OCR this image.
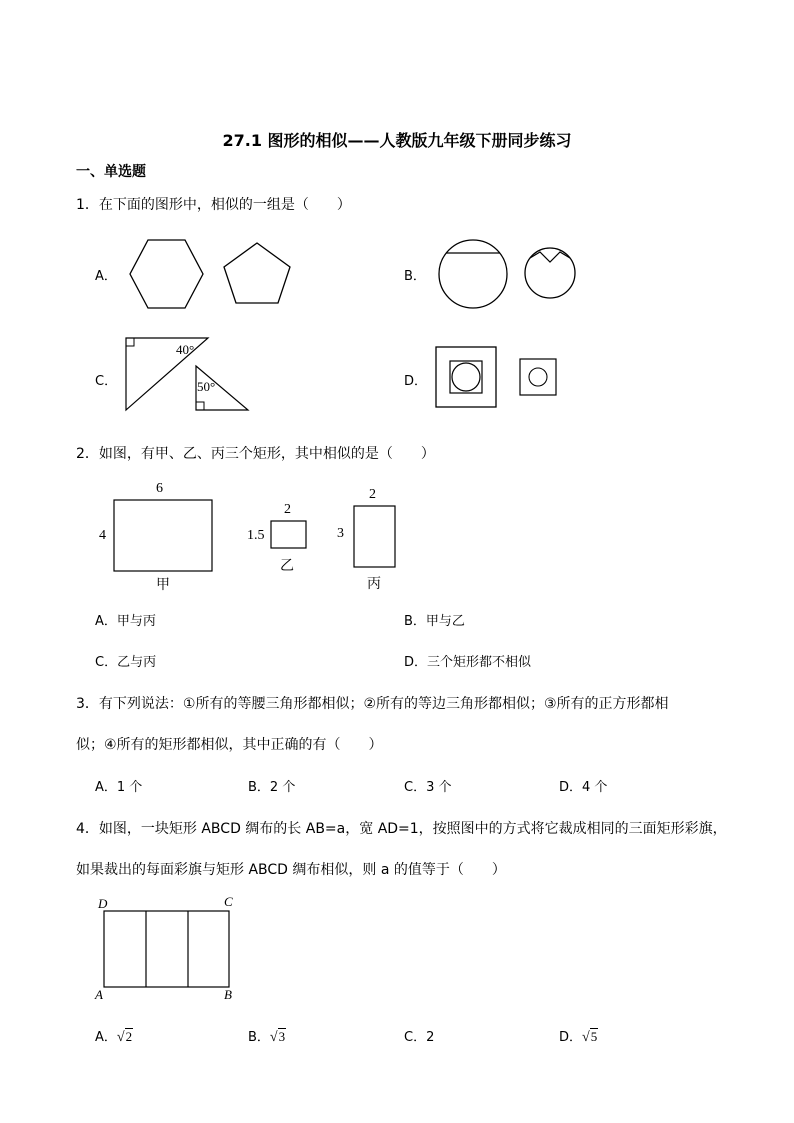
27.1 图形的相似——人教版九年级下册同步练习
一、单选题
1．在下面的图形中，相似的一组是（　　）
A．	B．
C．
40°
50°	D．
2．如图，有甲、乙、丙三个矩形，其中相似的是（　　）
6
4
甲
2
1.5
乙
2
3
丙
A．甲与丙	B．甲与乙
C．乙与丙	D．三个矩形都不相似
3．有下列说法：①所有的等腰三角形都相似；②所有的等边三角形都相似；③所有的正方形都相
似；④所有的矩形都相似，其中正确的有（　　）
A．1 个	B．2 个	C．3 个	D．4 个
4．如图，一块矩形 ABCD 绸布的长 AB=a，宽 AD=1，按照图中的方式将它裁成相同的三面矩形彩旗，
如果裁出的每面彩旗与矩形 ABCD 绸布相似，则 a 的值等于（　　）
D	C
A	B
A．√2	B．√3	C．2	D．√5
